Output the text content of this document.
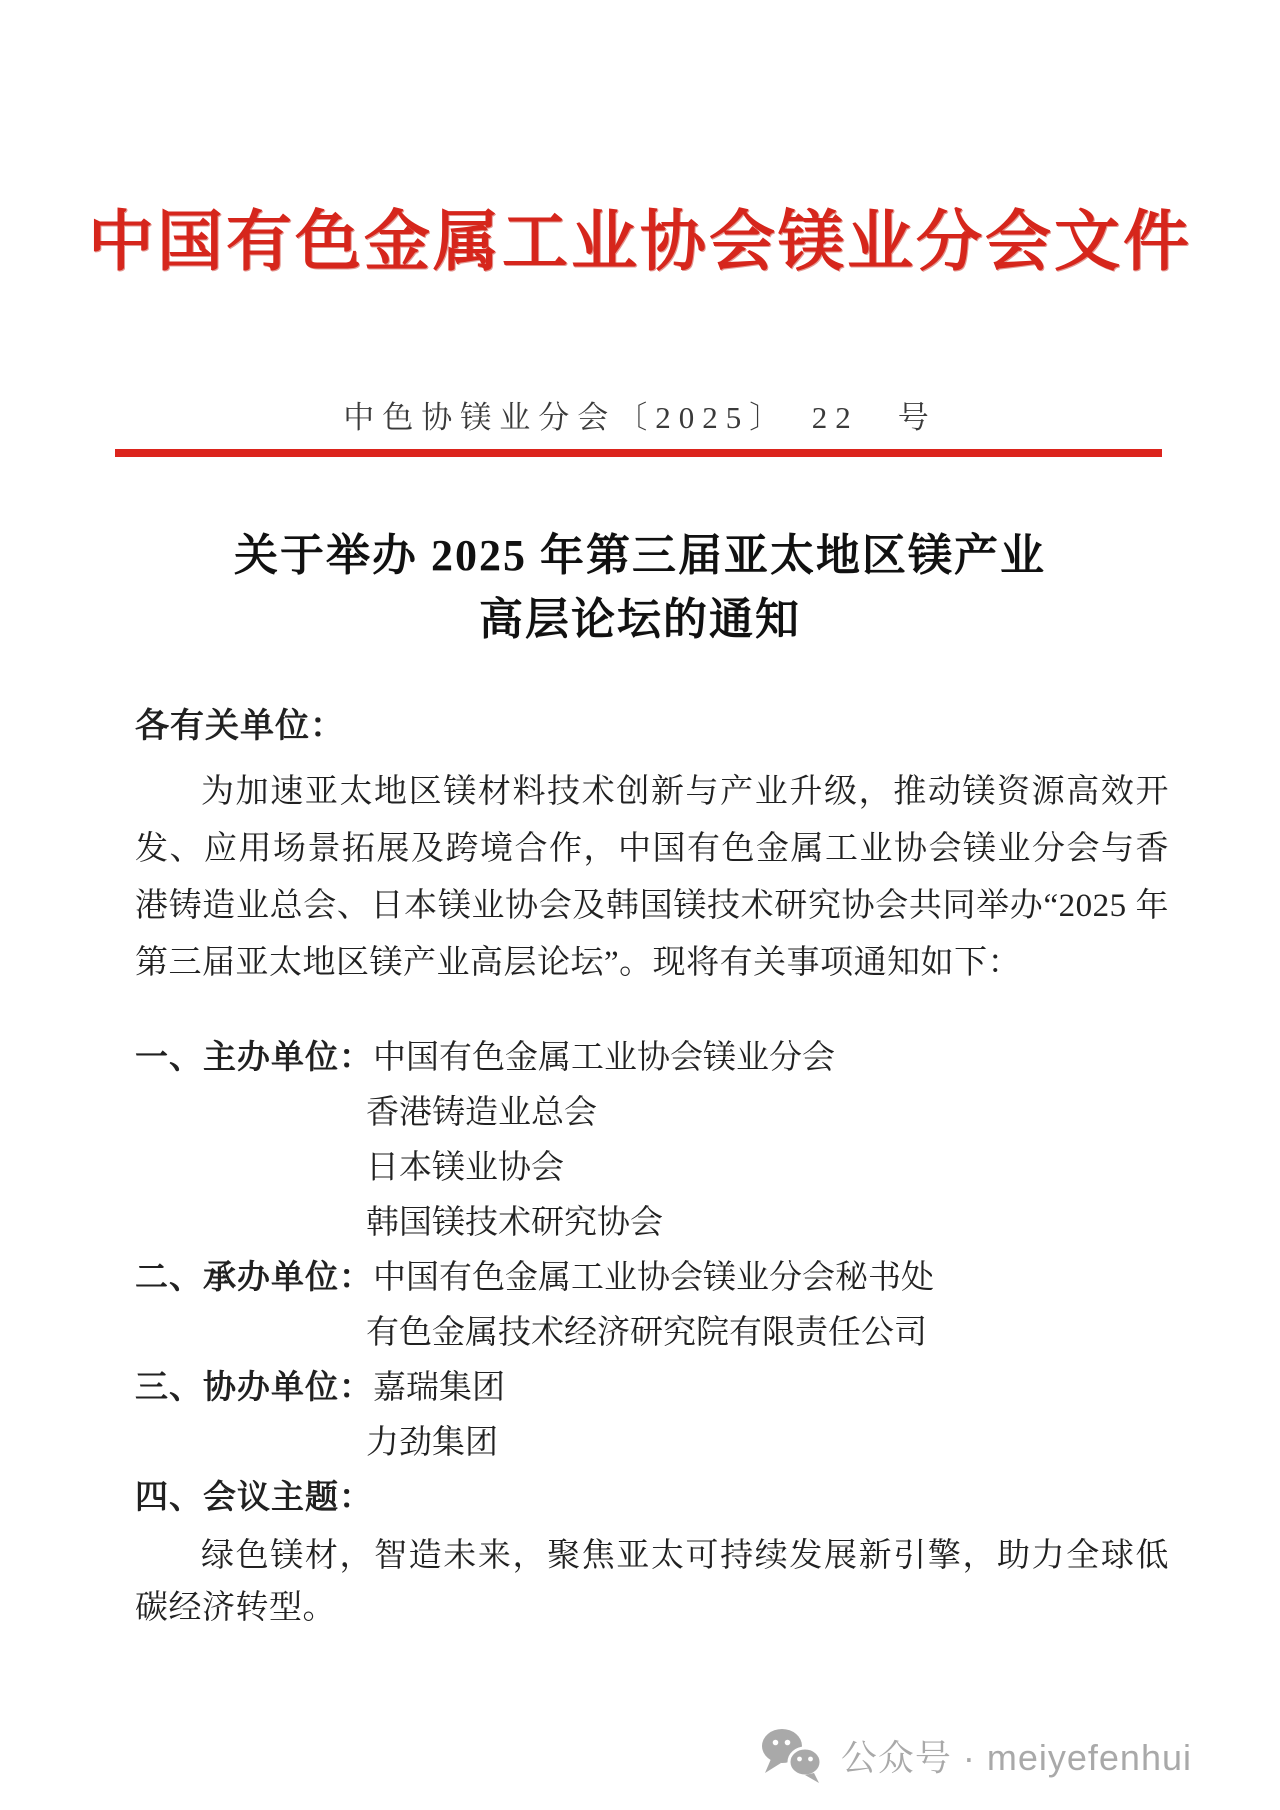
中国有色金属工业协会镁业分会文件
中色协镁业分会〔2025〕　22　号
关于举办 2025 年第三届亚太地区镁产业
高层论坛的通知
各有关单位：
为加速亚太地区镁材料技术创新与产业升级，推动镁资源高效开发、应用场景拓展及跨境合作，中国有色金属工业协会镁业分会与香港铸造业总会、日本镁业协会及韩国镁技术研究协会共同举办“2025 年第三届亚太地区镁产业高层论坛”。现将有关事项通知如下：
一、主办单位：中国有色金属工业协会镁业分会
香港铸造业总会
日本镁业协会
韩国镁技术研究协会
二、承办单位：中国有色金属工业协会镁业分会秘书处
有色金属技术经济研究院有限责任公司
三、协办单位：嘉瑞集团
力劲集团
四、会议主题：
绿色镁材，智造未来，聚焦亚太可持续发展新引擎，助力全球低碳经济转型。
公众号 · meiyefenhui
